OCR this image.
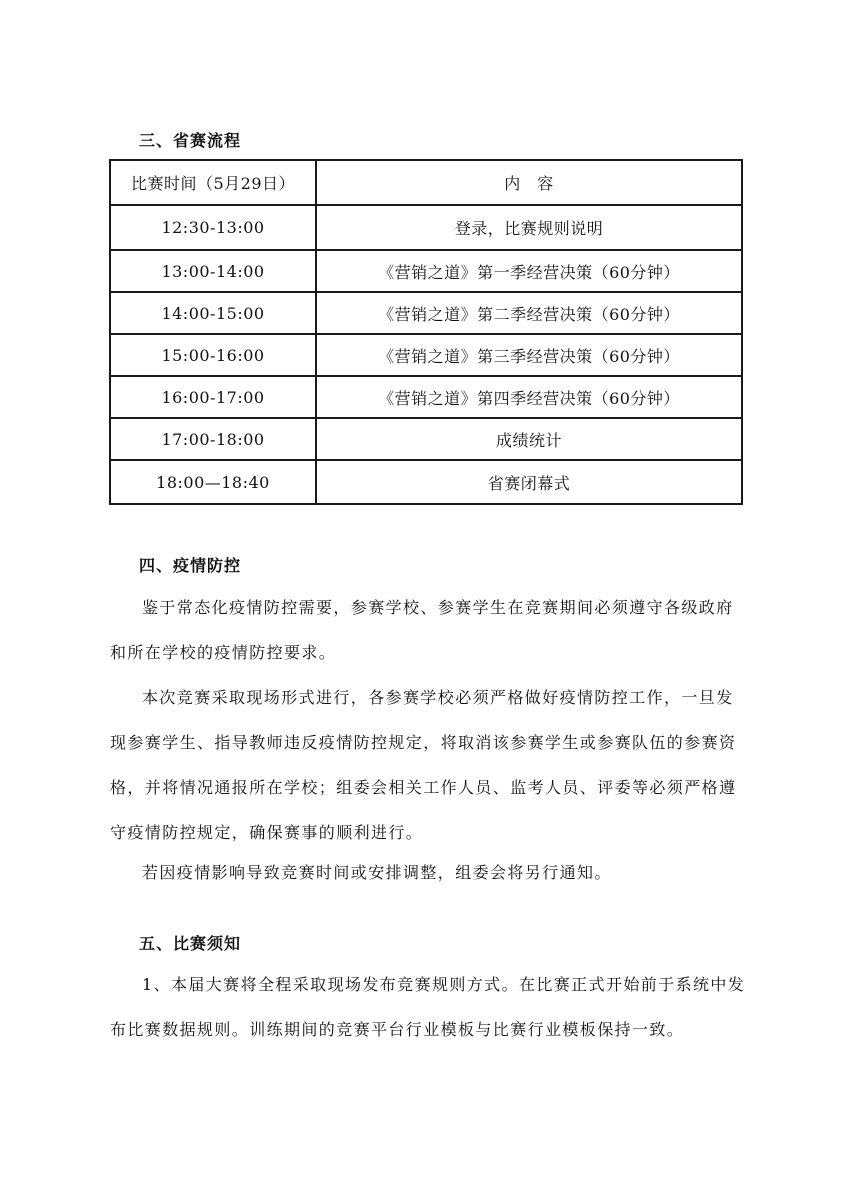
三、省赛流程
比赛时间（5月29日）	内　容
12:30-13:00	登录，比赛规则说明
13:00-14:00	《营销之道》第一季经营决策（60分钟）
14:00-15:00	《营销之道》第二季经营决策（60分钟）
15:00-16:00	《营销之道》第三季经营决策（60分钟）
16:00-17:00	《营销之道》第四季经营决策（60分钟）
17:00-18:00	成绩统计
18:00—18:40	省赛闭幕式
四、疫情防控

鉴于常态化疫情防控需要，参赛学校、参赛学生在竞赛期间必须遵守各级政府和所在学校的疫情防控要求。

本次竞赛采取现场形式进行，各参赛学校必须严格做好疫情防控工作，一旦发现参赛学生、指导教师违反疫情防控规定，将取消该参赛学生或参赛队伍的参赛资格，并将情况通报所在学校；组委会相关工作人员、监考人员、评委等必须严格遵守疫情防控规定，确保赛事的顺利进行。

若因疫情影响导致竞赛时间或安排调整，组委会将另行通知。

五、比赛须知

1、本届大赛将全程采取现场发布竞赛规则方式。在比赛正式开始前于系统中发布比赛数据规则。训练期间的竞赛平台行业模板与比赛行业模板保持一致。
